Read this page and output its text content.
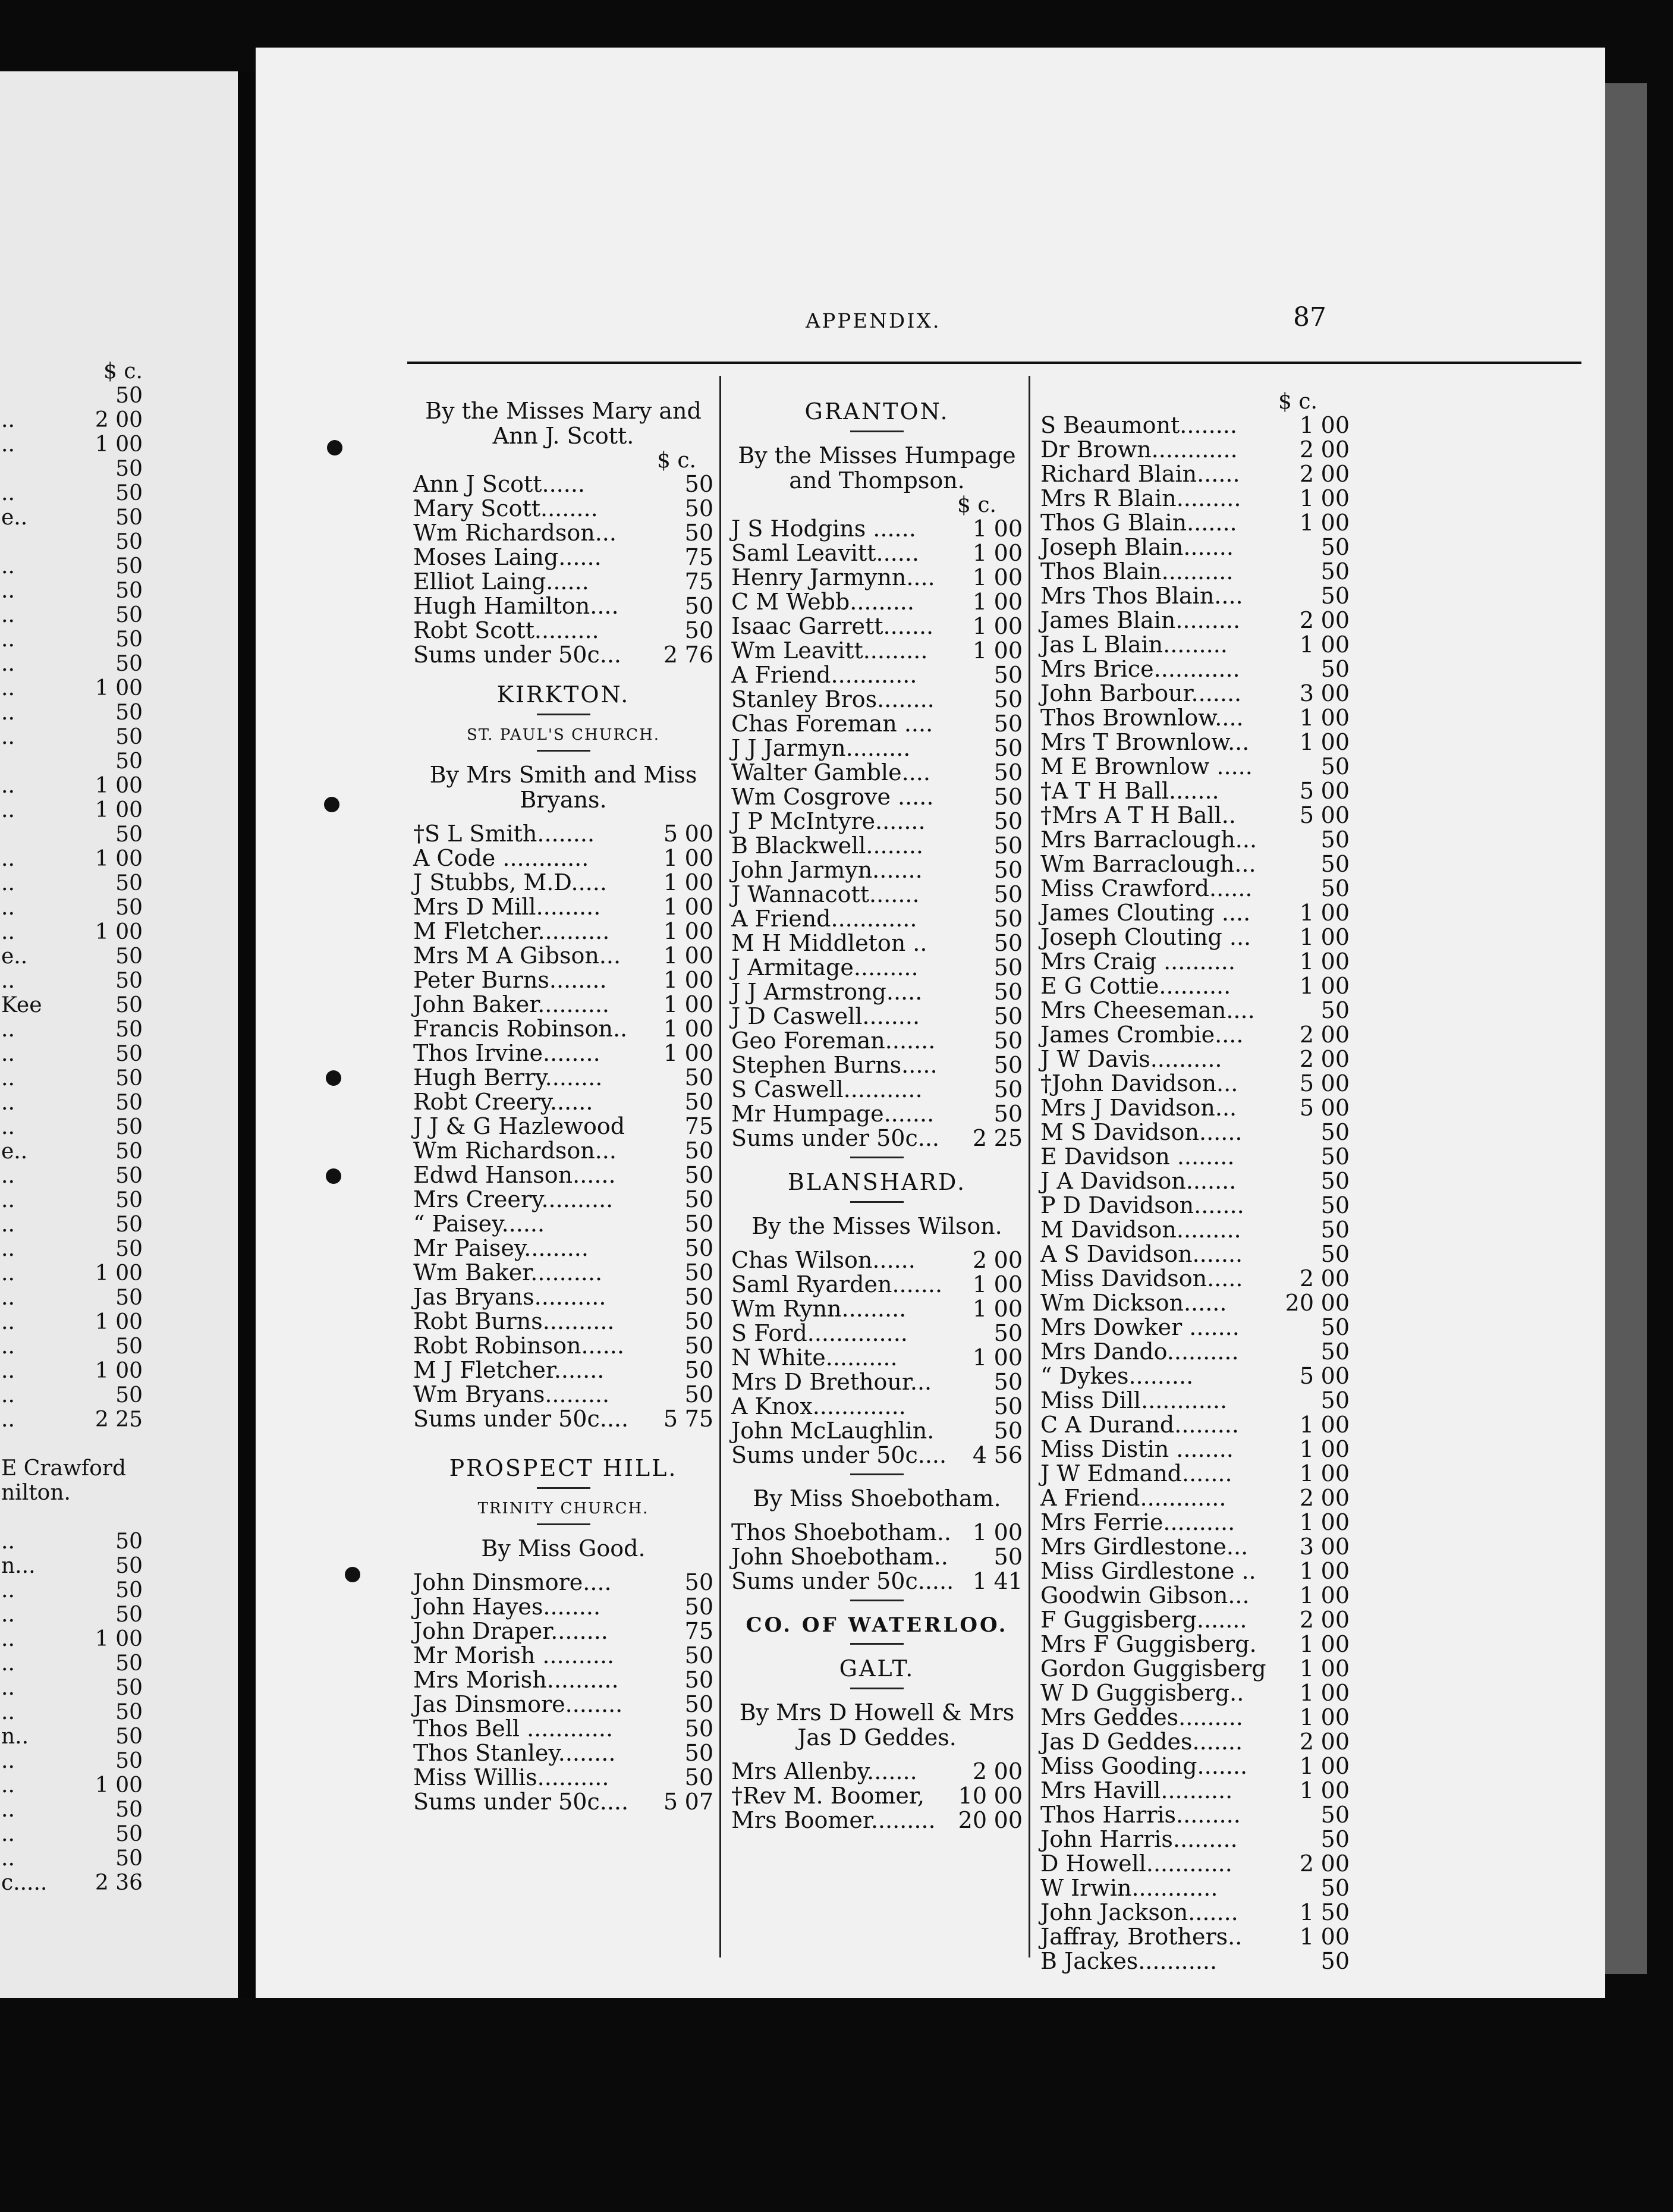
$ c.
50
..	2 00
..	1 00
50
..	50
e..	50
50
..	50
..	50
..	50
..	50
..	50
..	1 00
..	50
..	50
50
..	1 00
..	1 00
50
..	1 00
..	50
..	50
..	1 00
e..	50
..	50
Kee	50
..	50
..	50
..	50
..	50
..	50
e..	50
..	50
..	50
..	50
..	50
..	1 00
..	50
..	1 00
..	50
..	1 00
..	50
..	2 25
E Crawford
nilton.
..	50
n...	50
..	50
..	50
..	1 00
..	50
..	50
..	50
n..	50
..	50
..	1 00
..	50
..	50
..	50
c..... 2 36
APPENDIX.	87
By the Misses Mary and
Ann J. Scott.
$ c.
Ann J Scott......	50
Mary Scott........	50
Wm Richardson...	50
Moses Laing......	75
Elliot Laing......	75
Hugh Hamilton....	50
Robt Scott.........	50
Sums under 50c... 2 76
KIRKTON.
ST. PAUL'S CHURCH.
By Mrs Smith and Miss
Bryans.
†S L Smith........	5 00
A Code ............	1 00
J Stubbs, M.D..... 1 00
Mrs D Mill.........	1 00
M Fletcher.......... 1 00
Mrs M A Gibson... 1 00
Peter Burns........	1 00
John Baker.......... 1 00
Francis Robinson.. 1 00
Thos Irvine........	1 00
Hugh Berry........	50
Robt Creery......	50
J J & G Hazlewood	75
Wm Richardson...	50
Edwd Hanson......	50
Mrs Creery..........	50
“ Paisey......	50
Mr Paisey.........	50
Wm Baker..........	50
Jas Bryans..........	50
Robt Burns..........	50
Robt Robinson......	50
M J Fletcher.......	50
Wm Bryans.........	50
Sums under 50c.... 5 75
PROSPECT HILL.
TRINITY CHURCH.
By Miss Good.
John Dinsmore....	50
John Hayes........	50
John Draper........	75
Mr Morish ..........	50
Mrs Morish..........	50
Jas Dinsmore........	50
Thos Bell ............	50
Thos Stanley........	50
Miss Willis..........	50
Sums under 50c.... 5 07
GRANTON.
By the Misses Humpage
and Thompson.
$ c.
J S Hodgins ......	1 00
Saml Leavitt...... 1 00
Henry Jarmynn.... 1 00
C M Webb.........	1 00
Isaac Garrett....... 1 00
Wm Leavitt......... 1 00
A Friend............	50
Stanley Bros........	50
Chas Foreman ....	50
J J Jarmyn.........	50
Walter Gamble....	50
Wm Cosgrove .....	50
J P McIntyre.......	50
B Blackwell........	50
John Jarmyn.......	50
J Wannacott.......	50
A Friend............	50
M H Middleton ..	50
J Armitage.........	50
J J Armstrong.....	50
J D Caswell........	50
Geo Foreman.......	50
Stephen Burns.....	50
S Caswell...........	50
Mr Humpage.......	50
Sums under 50c... 2 25
BLANSHARD.
By the Misses Wilson.
Chas Wilson......	2 00
Saml Ryarden....... 1 00
Wm Rynn.........	1 00
S Ford..............	50
N White..........	1 00
Mrs D Brethour...	50
A Knox.............	50
John McLaughlin.	50
Sums under 50c.... 4 56
By Miss Shoebotham.
Thos Shoebotham.. 1 00
John Shoebotham.. 50
Sums under 50c..... 1 41
CO. OF WATERLOO.
GALT.
By Mrs D Howell & Mrs
Jas D Geddes.
Mrs Allenby....... 2 00
†Rev M. Boomer, 10 00
Mrs Boomer......... 20 00
$ c.
S Beaumont........	1 00
Dr Brown............	2 00
Richard Blain......	2 00
Mrs R Blain.........	1 00
Thos G Blain.......	1 00
Joseph Blain.......	50
Thos Blain..........	50
Mrs Thos Blain....	50
James Blain.........	2 00
Jas L Blain.........	1 00
Mrs Brice............	50
John Barbour.......	3 00
Thos Brownlow.... 1 00
Mrs T Brownlow... 1 00
M E Brownlow .....	50
†A T H Ball.......	5 00
†Mrs A T H Ball..	5 00
Mrs Barraclough...	50
Wm Barraclough...	50
Miss Crawford......	50
James Clouting .... 1 00
Joseph Clouting ... 1 00
Mrs Craig ..........	1 00
E G Cottie..........	1 00
Mrs Cheeseman....	50
James Crombie.... 2 00
J W Davis..........	2 00
†John Davidson...	5 00
Mrs J Davidson...	5 00
M S Davidson......	50
E Davidson ........	50
J A Davidson.......	50
P D Davidson.......	50
M Davidson.........	50
A S Davidson.......	50
Miss Davidson.....	2 00
Wm Dickson......	20 00
Mrs Dowker .......	50
Mrs Dando..........	50
“ Dykes.........	5 00
Miss Dill............	50
C A Durand.........	1 00
Miss Distin ........	1 00
J W Edmand.......	1 00
A Friend............	2 00
Mrs Ferrie..........	1 00
Mrs Girdlestone... 3 00
Miss Girdlestone .. 1 00
Goodwin Gibson... 1 00
F Guggisberg....... 2 00
Mrs F Guggisberg. 1 00
Gordon Guggisberg 1 00
W D Guggisberg.. 1 00
Mrs Geddes......... 1 00
Jas D Geddes.......	2 00
Miss Gooding....... 1 00
Mrs Havill..........	1 00
Thos Harris.........	50
John Harris.........	50
D Howell............	2 00
W Irwin............	50
John Jackson.......	1 50
Jaffray, Brothers..	1 00
B Jackes...........	50
